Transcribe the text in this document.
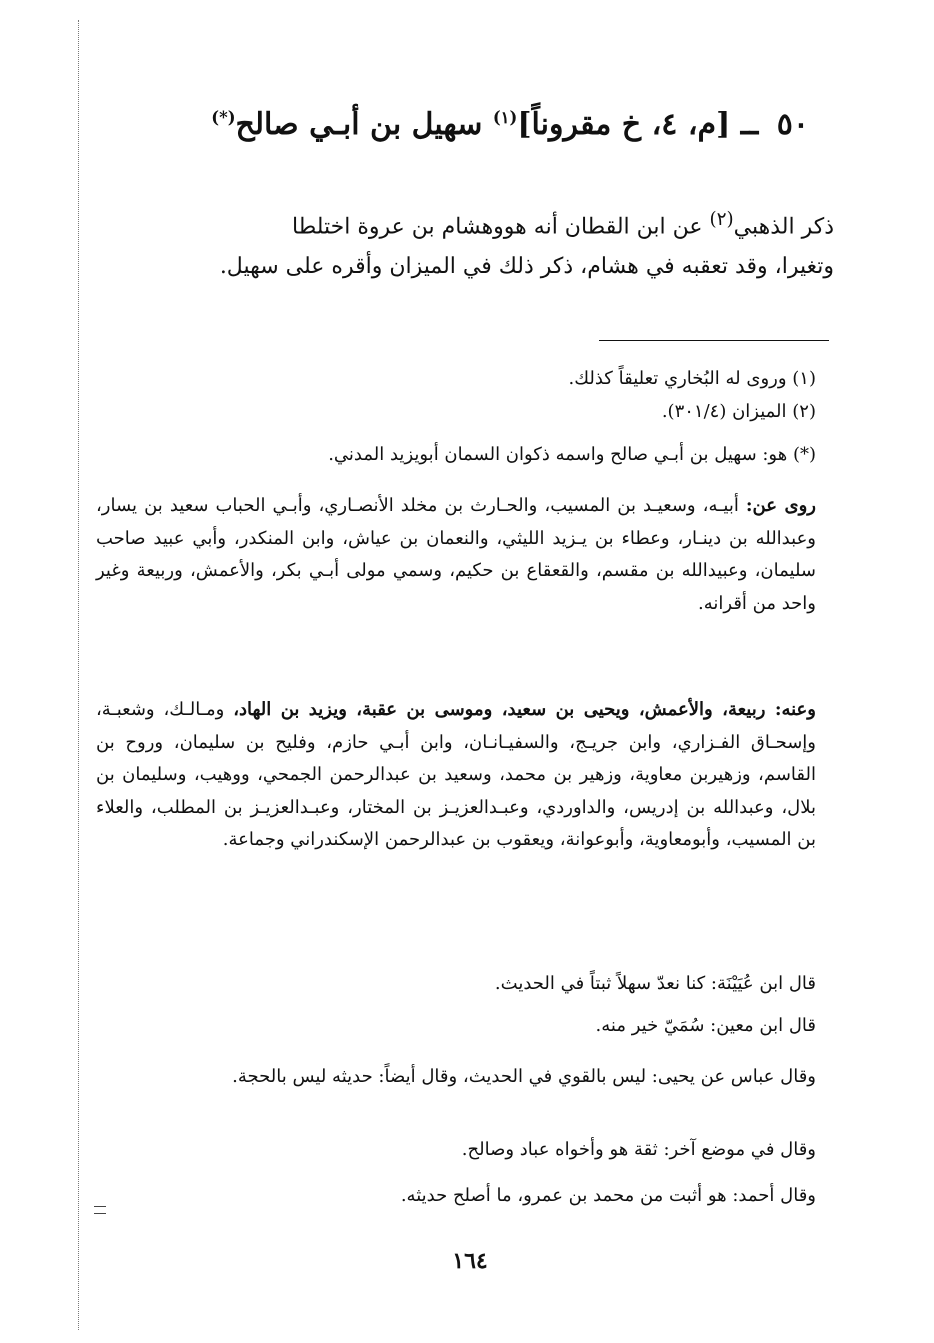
٥٠ ــ [م، ٤، خ مقروناً]$^{(١)}$ سهيل بن أبـي صالح(*)

ذكر الذهبي$^{(٢)}$ عن ابن القطان أنه هووهشام بن عروة اختلطا

وتغيرا، وقد تعقبه في هشام، ذكر ذلك في الميزان وأقره على سهيل.

(١) وروى له البُخاري تعليقاً كذلك.
(٢) الميزان (٣٠١/٤).
(*) هو: سهيل بن أبـي صالح واسمه ذكوان السمان أبويزيد المدني.

روى عن: أبيـه، وسعيـد بن المسيب، والحـارث بن مخلد الأنصـاري، وأبـي الحباب سعيد بن يسار، وعبدالله بن دينـار، وعطاء بن يـزيد الليثي، والنعمان بن عياش، وابن المنكدر، وأبي عبيد صاحب سليمان، وعبيدالله بن مقسم، والقعقاع بن حكيم، وسمي مولى أبـي بكر، والأعمش، وربيعة وغير واحد من أقرانه.

وعنه: ربيعة، والأعمش، ويحيى بن سعيد، وموسى بن عقبة، ويزيد بن الهاد، ومـالـك، وشعبـة، وإسحـاق الفـزاري، وابن جريـج، والسفيـانـان، وابن أبـي حازم، وفليح بن سليمان، وروح بن القاسم، وزهيربن معاوية، وزهير بن محمد، وسعيد بن عبدالرحمن الجمحي، ووهيب، وسليمان بن بلال، وعبدالله بن إدريس، والداوردي، وعبـدالعزيـز بن المختار، وعبـدالعزيـز بن المطلب، والعلاء بن المسيب، وأبومعاوية، وأبوعوانة، ويعقوب بن عبدالرحمن الإسكندراني وجماعة.

قال ابن عُيَيْنَة: كنا نعدّ سهلاً ثبتاً في الحديث.
قال ابن معين: سُمَيّ خير منه.
وقال عباس عن يحيى: ليس بالقوي في الحديث، وقال أيضاً: حديثه ليس بالحجة.
وقال في موضع آخر: ثقة هو وأخواه عباد وصالح.
وقال أحمد: هو أثبت من محمد بن عمرو، ما أصلح حديثه.
١٦٤
